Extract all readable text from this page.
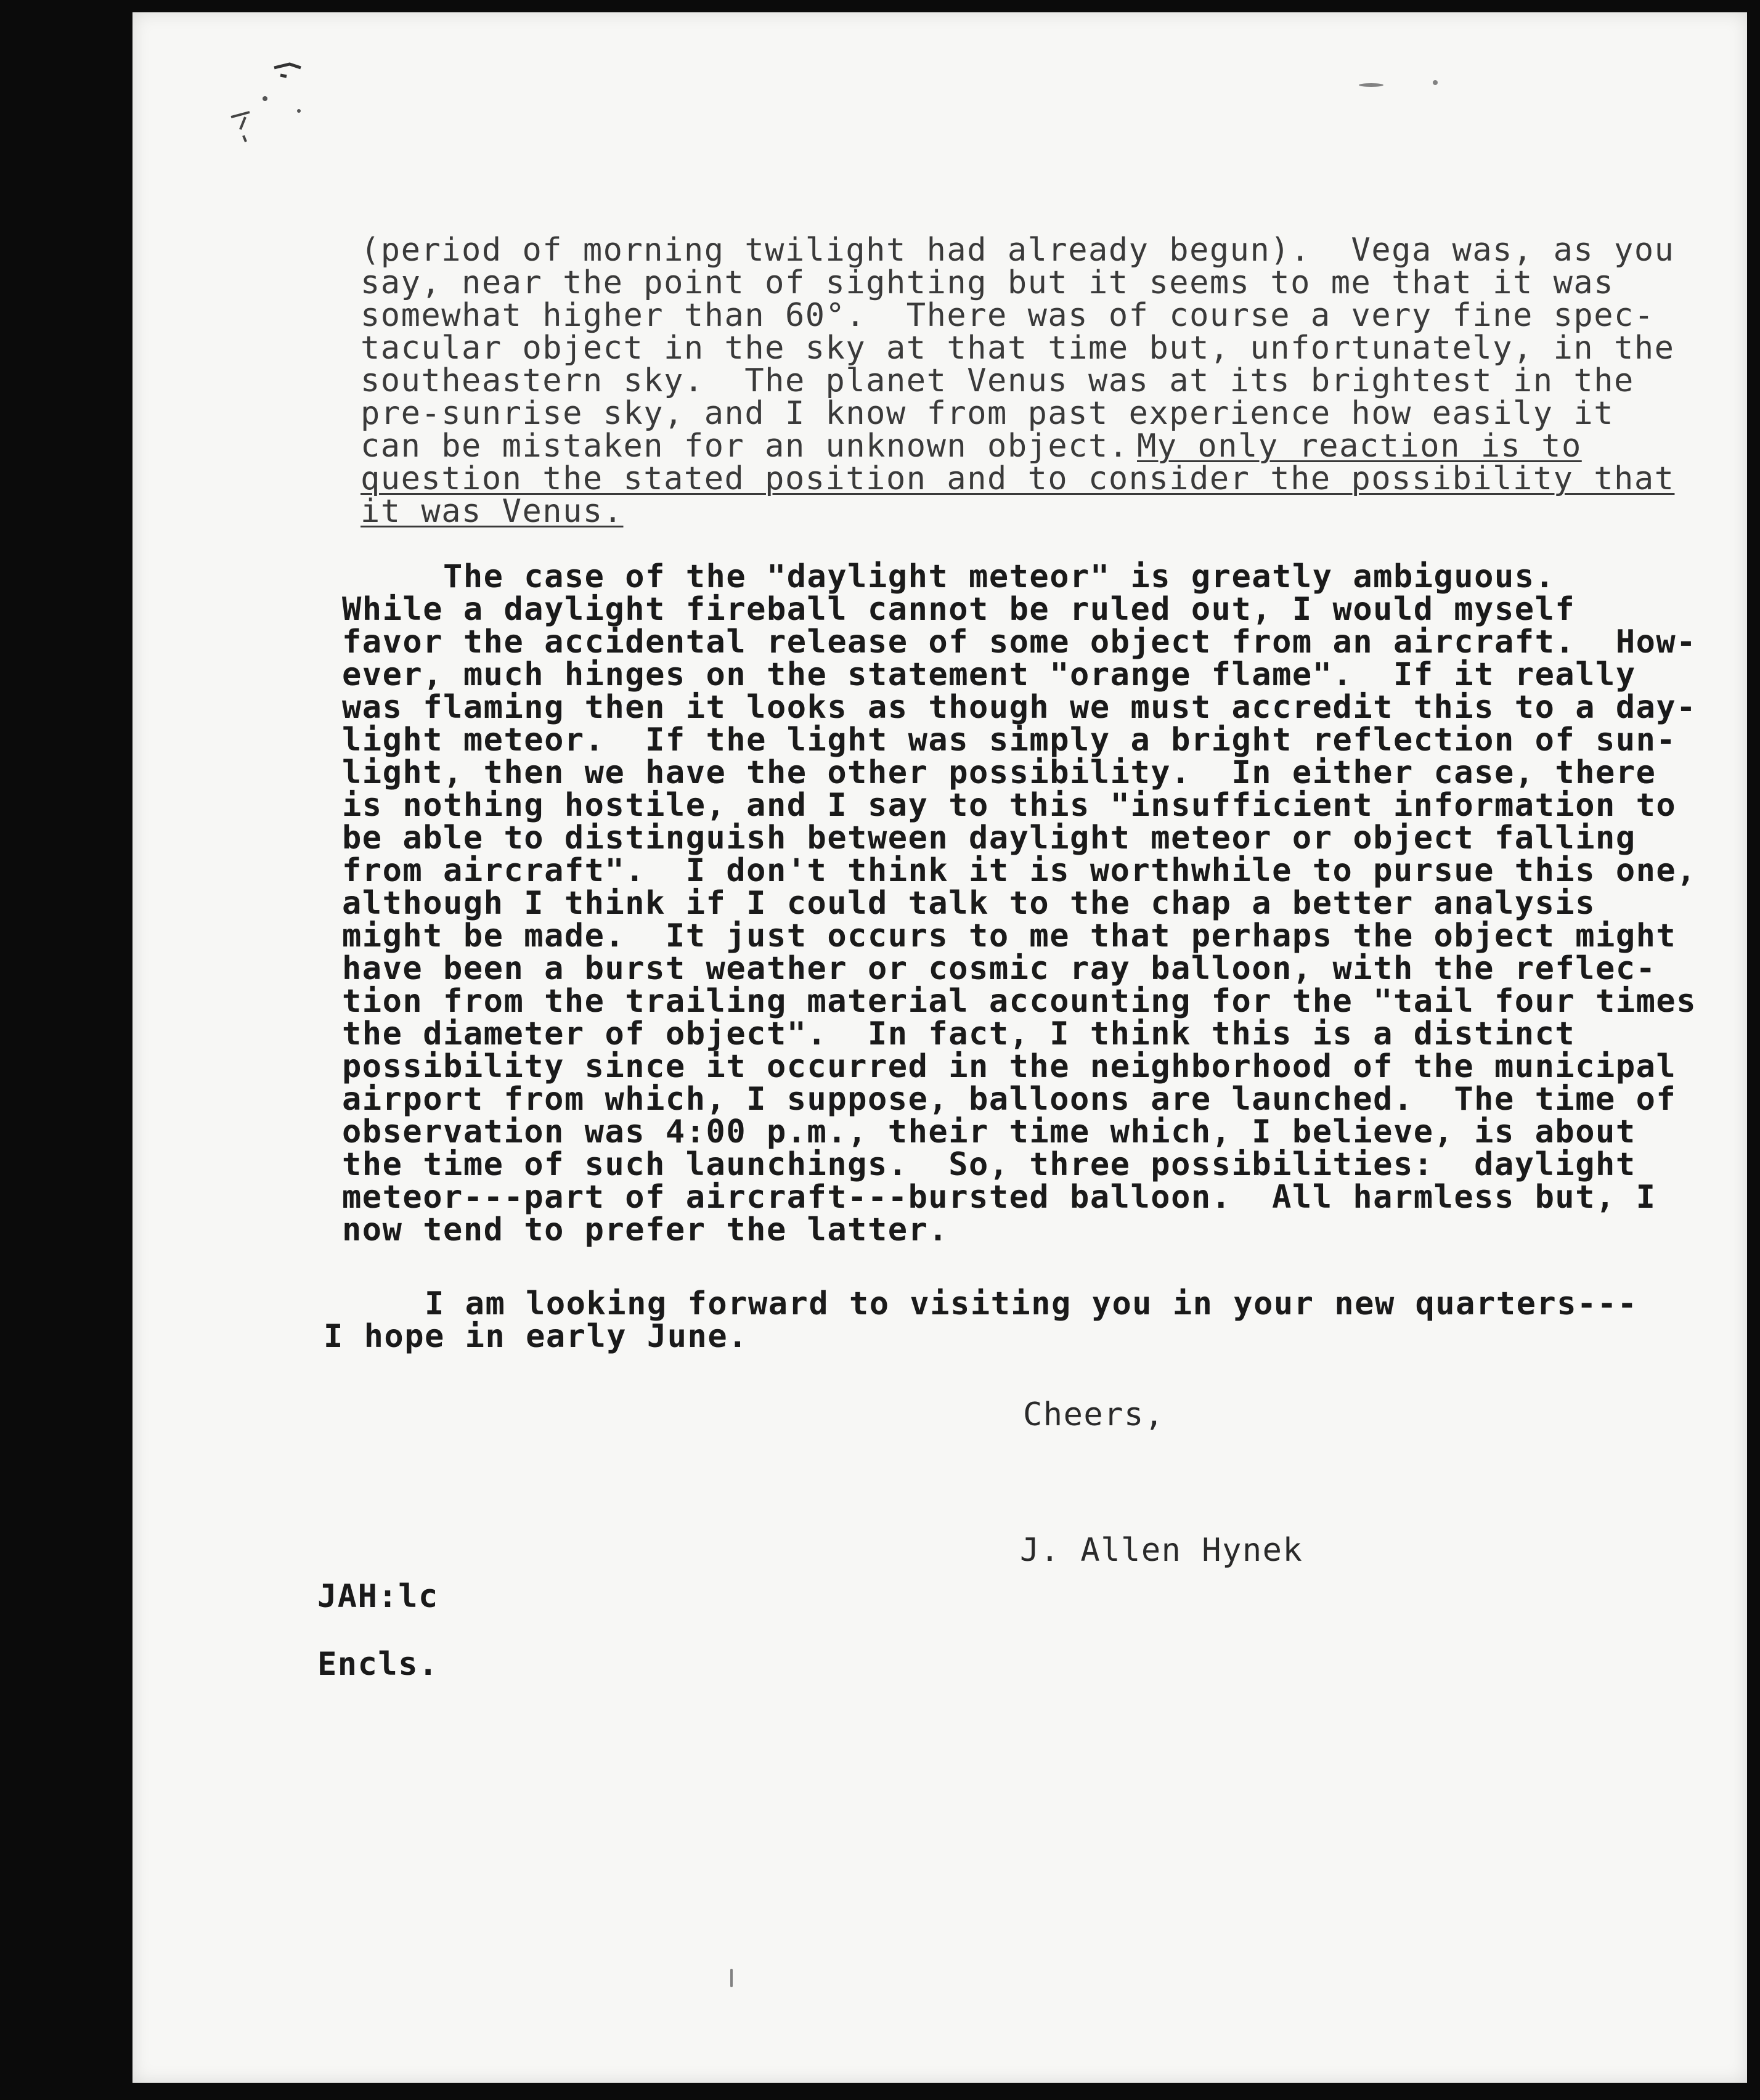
(period of morning twilight had already begun).  Vega was, as you
say, near the point of sighting but it seems to me that it was
somewhat higher than 60°.  There was of course a very fine spec-
tacular object in the sky at that time but, unfortunately, in the
southeastern sky.  The planet Venus was at its brightest in the
pre-sunrise sky, and I know from past experience how easily it
can be mistaken for an unknown object. My only reaction is to
question the stated position and to consider the possibility that
it was Venus.
The case of the "daylight meteor" is greatly ambiguous.
While a daylight fireball cannot be ruled out, I would myself
favor the accidental release of some object from an aircraft.  How-
ever, much hinges on the statement "orange flame".  If it really
was flaming then it looks as though we must accredit this to a day-
light meteor.  If the light was simply a bright reflection of sun-
light, then we have the other possibility.  In either case, there
is nothing hostile, and I say to this "insufficient information to
be able to distinguish between daylight meteor or object falling
from aircraft".  I don't think it is worthwhile to pursue this one,
although I think if I could talk to the chap a better analysis
might be made.  It just occurs to me that perhaps the object might
have been a burst weather or cosmic ray balloon, with the reflec-
tion from the trailing material accounting for the "tail four times
the diameter of object".  In fact, I think this is a distinct
possibility since it occurred in the neighborhood of the municipal
airport from which, I suppose, balloons are launched.  The time of
observation was 4:00 p.m., their time which, I believe, is about
the time of such launchings.  So, three possibilities:  daylight
meteor---part of aircraft---bursted balloon.  All harmless but, I
now tend to prefer the latter.
I am looking forward to visiting you in your new quarters---
I hope in early June.
Cheers,
J. Allen Hynek
JAH:lc
Encls.
